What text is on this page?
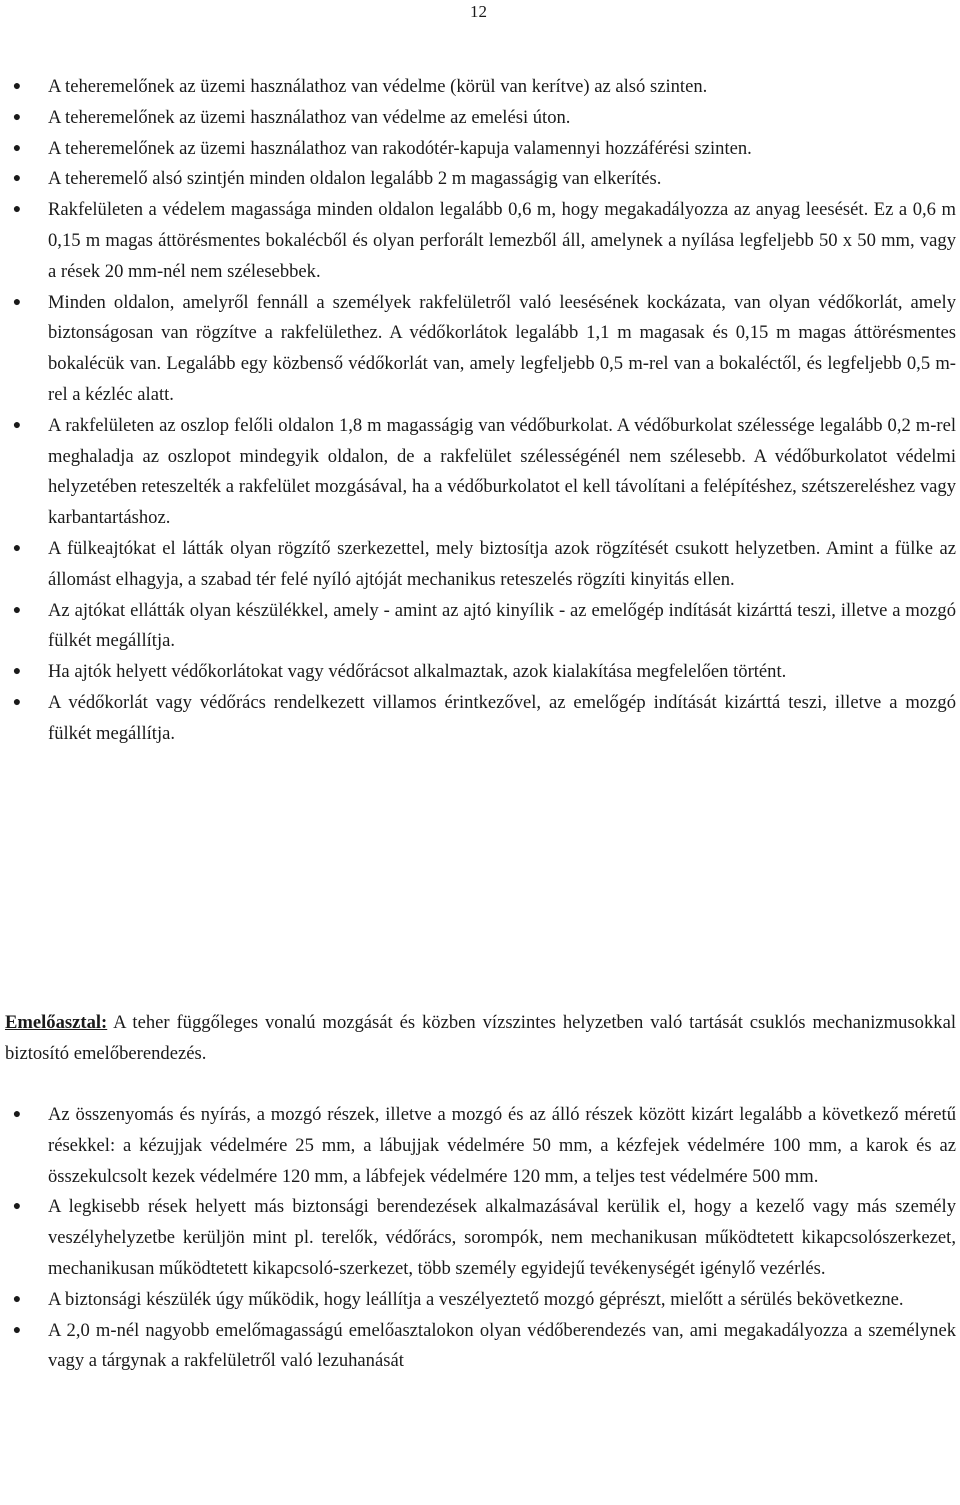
12
● A teheremelőnek az üzemi használathoz van védelme (körül van kerítve) az alsó szinten.
● A teheremelőnek az üzemi használathoz van védelme az emelési úton.
● A teheremelőnek az üzemi használathoz van rakodótér-kapuja valamennyi hozzáférési szinten.
● A teheremelő alsó szintjén minden oldalon legalább 2 m magasságig van elkerítés.
● Rakfelületen a védelem magassága minden oldalon legalább 0,6 m, hogy megakadályozza az anyag leesését. Ez a 0,6 m 0,15 m magas áttörésmentes bokalécből és olyan perforált lemezből áll, amelynek a nyílása legfeljebb 50 x 50 mm, vagy a rések 20 mm-nél nem szélesebbek.
● Minden oldalon, amelyről fennáll a személyek rakfelületről való leesésének kockázata, van olyan védőkorlát, amely biztonságosan van rögzítve a rakfelülethez. A védőkorlátok legalább 1,1 m magasak és 0,15 m magas áttörésmentes bokalécük van. Legalább egy közbenső védőkorlát van, amely legfeljebb 0,5 m-rel van a bokaléctől, és legfeljebb 0,5 m-rel a kézléc alatt.
● A rakfelületen az oszlop felőli oldalon 1,8 m magasságig van védőburkolat. A védőburkolat szélessége legalább 0,2 m-rel meghaladja az oszlopot mindegyik oldalon, de a rakfelület szélességénél nem szélesebb. A védőburkolatot védelmi helyzetében reteszelték a rakfelület mozgásával, ha a védőburkolatot el kell távolítani a felépítéshez, szétszereléshez vagy karbantartáshoz.
● A fülkeajtókat el látták olyan rögzítő szerkezettel, mely biztosítja azok rögzítését csukott helyzetben. Amint a fülke az állomást elhagyja, a szabad tér felé nyíló ajtóját mechanikus reteszelés rögzíti kinyitás ellen.
● Az ajtókat ellátták olyan készülékkel, amely - amint az ajtó kinyílik - az emelőgép indítását kizárttá teszi, illetve a mozgó fülkét megállítja.
● Ha ajtók helyett védőkorlátokat vagy védőrácsot alkalmaztak, azok kialakítása megfelelően történt.
● A védőkorlát vagy védőrács rendelkezett villamos érintkezővel, az emelőgép indítását kizárttá teszi, illetve a mozgó fülkét megállítja.
Emelőasztal: A teher függőleges vonalú mozgását és közben vízszintes helyzetben való tartását csuklós mechanizmusokkal biztosító emelőberendezés.
● Az összenyomás és nyírás, a mozgó részek, illetve a mozgó és az álló részek között kizárt legalább a következő méretű résekkel: a kézujjak védelmére 25 mm, a lábujjak védelmére 50 mm, a kézfejek védelmére 100 mm, a karok és az összekulcsolt kezek védelmére 120 mm, a lábfejek védelmére 120 mm, a teljes test védelmére 500 mm.
● A legkisebb rések helyett más biztonsági berendezések alkalmazásával kerülik el, hogy a kezelő vagy más személy veszélyhelyzetbe kerüljön mint pl. terelők, védőrács, sorompók, nem mechanikusan működtetett kikapcsolószerkezet, mechanikusan működtetett kikapcsoló-szerkezet, több személy egyidejű tevékenységét igénylő vezérlés.
● A biztonsági készülék úgy működik, hogy leállítja a veszélyeztető mozgó géprészt, mielőtt a sérülés bekövetkezne.
● A 2,0 m-nél nagyobb emelőmagasságú emelőasztalokon olyan védőberendezés van, ami megakadályozza a személynek vagy a tárgynak a rakfelületről való lezuhanását
